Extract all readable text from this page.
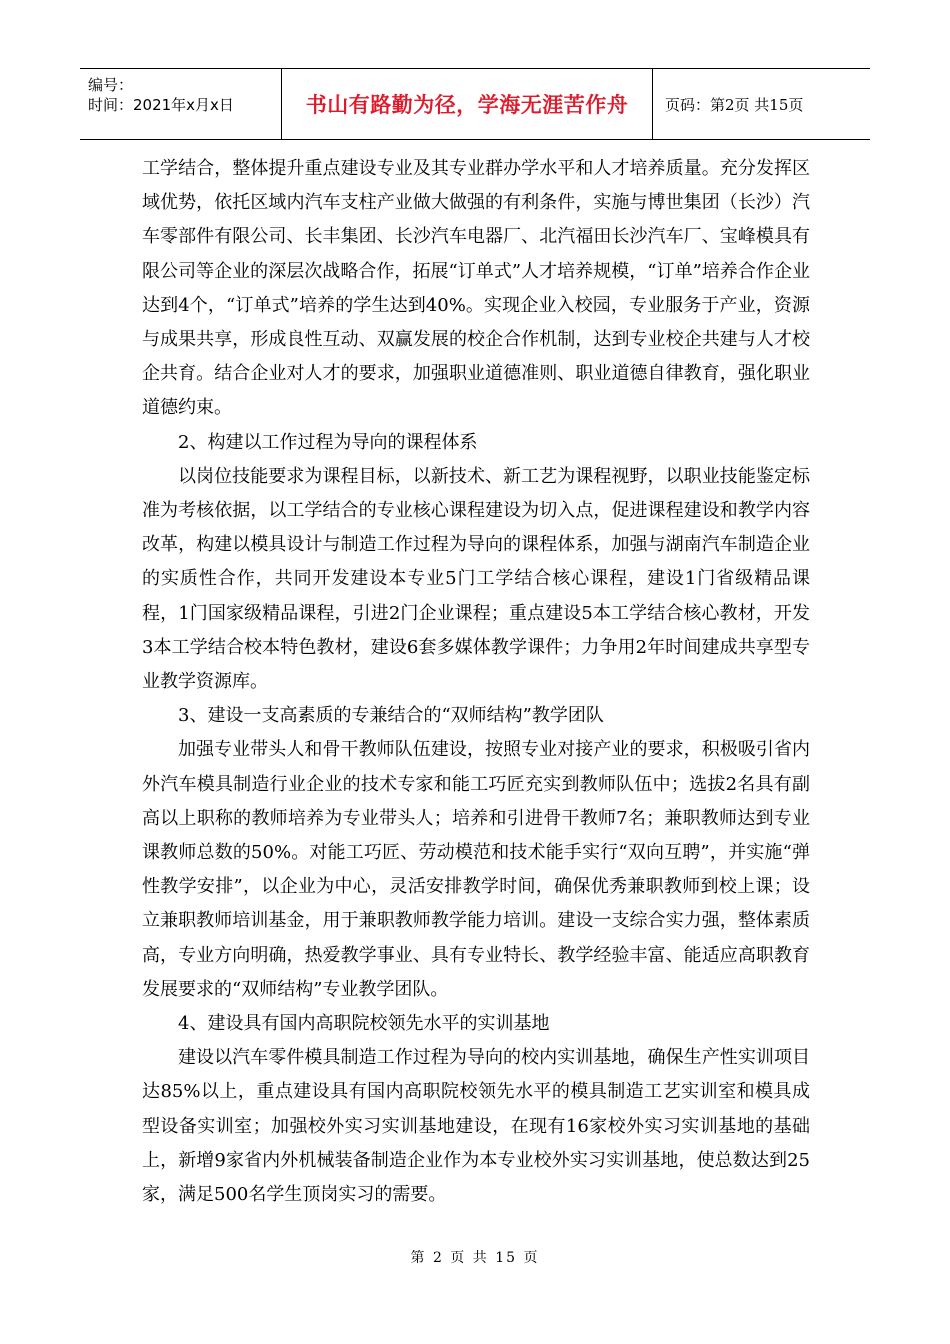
编号：
时间：2021年x月x日	书山有路勤为径，学海无涯苦作舟	页码：第2页 共15页

工学结合，整体提升重点建设专业及其专业群办学水平和人才培养质量。充分发挥区域优势，依托区域内汽车支柱产业做大做强的有利条件，实施与博世集团（长沙）汽车零部件有限公司、长丰集团、长沙汽车电器厂、北汽福田长沙汽车厂、宝峰模具有限公司等企业的深层次战略合作，拓展“订单式”人才培养规模，“订单”培养合作企业达到4个，“订单式”培养的学生达到40%。实现企业入校园，专业服务于产业，资源与成果共享，形成良性互动、双赢发展的校企合作机制，达到专业校企共建与人才校企共育。结合企业对人才的要求，加强职业道德准则、职业道德自律教育，强化职业道德约束。

2、构建以工作过程为导向的课程体系

以岗位技能要求为课程目标，以新技术、新工艺为课程视野，以职业技能鉴定标准为考核依据，以工学结合的专业核心课程建设为切入点，促进课程建设和教学内容改革，构建以模具设计与制造工作过程为导向的课程体系，加强与湖南汽车制造企业的实质性合作，共同开发建设本专业5门工学结合核心课程，建设1门省级精品课程，1门国家级精品课程，引进2门企业课程；重点建设5本工学结合核心教材，开发3本工学结合校本特色教材，建设6套多媒体教学课件；力争用2年时间建成共享型专业教学资源库。

3、建设一支高素质的专兼结合的“双师结构”教学团队

加强专业带头人和骨干教师队伍建设，按照专业对接产业的要求，积极吸引省内外汽车模具制造行业企业的技术专家和能工巧匠充实到教师队伍中；选拔2名具有副高以上职称的教师培养为专业带头人；培养和引进骨干教师7名；兼职教师达到专业课教师总数的50%。对能工巧匠、劳动模范和技术能手实行“双向互聘”，并实施“弹性教学安排”，以企业为中心，灵活安排教学时间，确保优秀兼职教师到校上课；设立兼职教师培训基金，用于兼职教师教学能力培训。建设一支综合实力强，整体素质高，专业方向明确，热爱教学事业、具有专业特长、教学经验丰富、能适应高职教育发展要求的“双师结构”专业教学团队。

4、建设具有国内高职院校领先水平的实训基地

建设以汽车零件模具制造工作过程为导向的校内实训基地，确保生产性实训项目达85%以上，重点建设具有国内高职院校领先水平的模具制造工艺实训室和模具成型设备实训室；加强校外实习实训基地建设，在现有16家校外实习实训基地的基础上，新增9家省内外机械装备制造企业作为本专业校外实习实训基地，使总数达到25家，满足500名学生顶岗实习的需要。

第 2 页 共 15 页
